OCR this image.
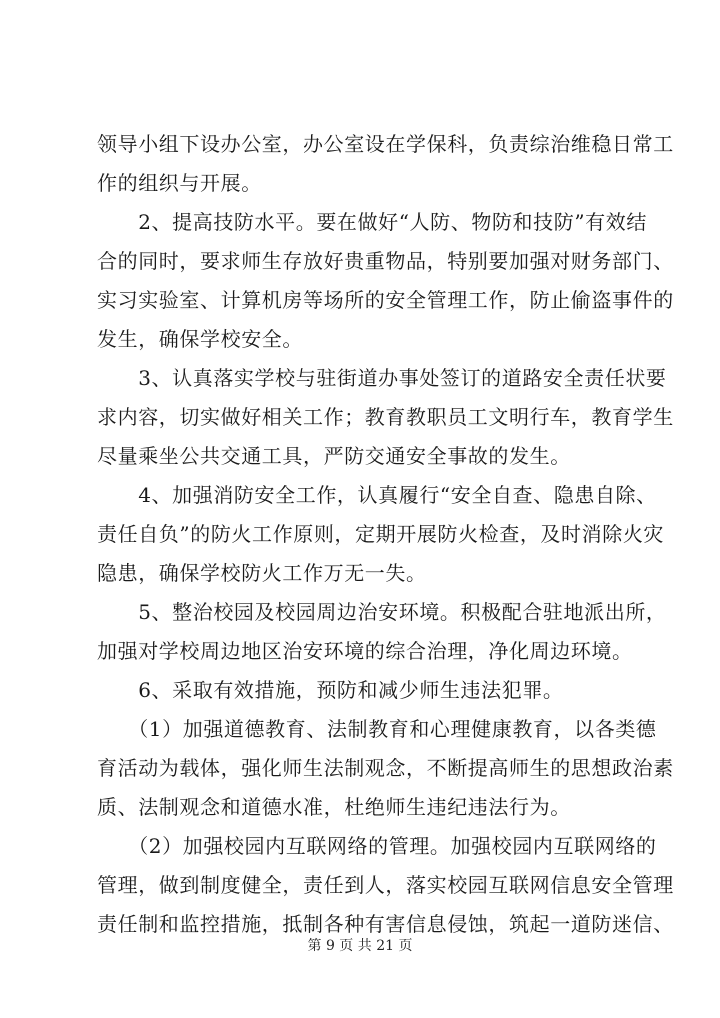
领导小组下设办公室，办公室设在学保科，负责综治维稳日常工
作的组织与开展。
　　2、提高技防水平。要在做好“人防、物防和技防”有效结
合的同时，要求师生存放好贵重物品，特别要加强对财务部门、
实习实验室、计算机房等场所的安全管理工作，防止偷盗事件的
发生，确保学校安全。
　　3、认真落实学校与驻街道办事处签订的道路安全责任状要
求内容，切实做好相关工作；教育教职员工文明行车，教育学生
尽量乘坐公共交通工具，严防交通安全事故的发生。
　　4、加强消防安全工作，认真履行“安全自查、隐患自除、
责任自负”的防火工作原则，定期开展防火检查，及时消除火灾
隐患，确保学校防火工作万无一失。
　　5、整治校园及校园周边治安环境。积极配合驻地派出所，
加强对学校周边地区治安环境的综合治理，净化周边环境。
　　6、采取有效措施，预防和减少师生违法犯罪。
　　（1）加强道德教育、法制教育和心理健康教育，以各类德
育活动为载体，强化师生法制观念，不断提高师生的思想政治素
质、法制观念和道德水准，杜绝师生违纪违法行为。
　　（2）加强校园内互联网络的管理。加强校园内互联网络的
管理，做到制度健全，责任到人，落实校园互联网信息安全管理
责任制和监控措施，抵制各种有害信息侵蚀，筑起一道防迷信、
第 9 页 共 21 页
